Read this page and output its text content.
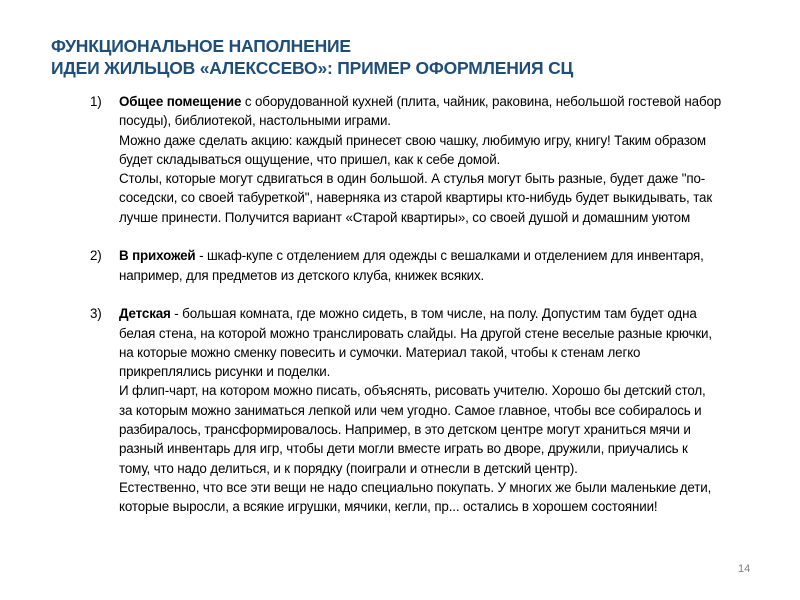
ФУНКЦИОНАЛЬНОЕ НАПОЛНЕНИЕ
ИДЕИ ЖИЛЬЦОВ «АЛЕКССЕВО»: ПРИМЕР ОФОРМЛЕНИЯ СЦ
1) Общее помещение с оборудованной кухней (плита, чайник, раковина, небольшой гостевой набор посуды), библиотекой, настольными играми.

Можно даже сделать акцию: каждый принесет свою чашку, любимую игру, книгу! Таким образом будет складываться ощущение, что пришел, как к себе домой.

Столы, которые могут сдвигаться в один большой. А стулья могут быть разные, будет даже "по-соседски, со своей табуреткой", наверняка из старой квартиры кто-нибудь будет выкидывать, так лучше принести. Получится вариант «Старой квартиры», со своей душой и домашним уютом

2) В прихожей - шкаф-купе с отделением для одежды с вешалками и отделением для инвентаря, например, для предметов из детского клуба, книжек всяких.

3) Детская - большая комната, где можно сидеть, в том числе, на полу. Допустим там будет одна белая стена, на которой можно транслировать слайды. На другой стене веселые разные крючки, на которые можно сменку повесить и сумочки. Материал такой, чтобы к стенам легко прикреплялись рисунки и поделки.

И флип-чарт, на котором можно писать, объяснять, рисовать учителю. Хорошо бы детский стол, за которым можно заниматься лепкой или чем угодно. Самое главное, чтобы все собиралось и разбиралось, трансформировалось. Например, в это детском центре могут храниться мячи и разный инвентарь для игр, чтобы дети могли вместе играть во дворе, дружили, приучались к тому, что надо делиться, и к порядку (поиграли и отнесли в детский центр).

Естественно, что все эти вещи не надо специально покупать. У многих же были маленькие дети, которые выросли, а всякие игрушки, мячики, кегли, пр... остались в хорошем состоянии!

14
